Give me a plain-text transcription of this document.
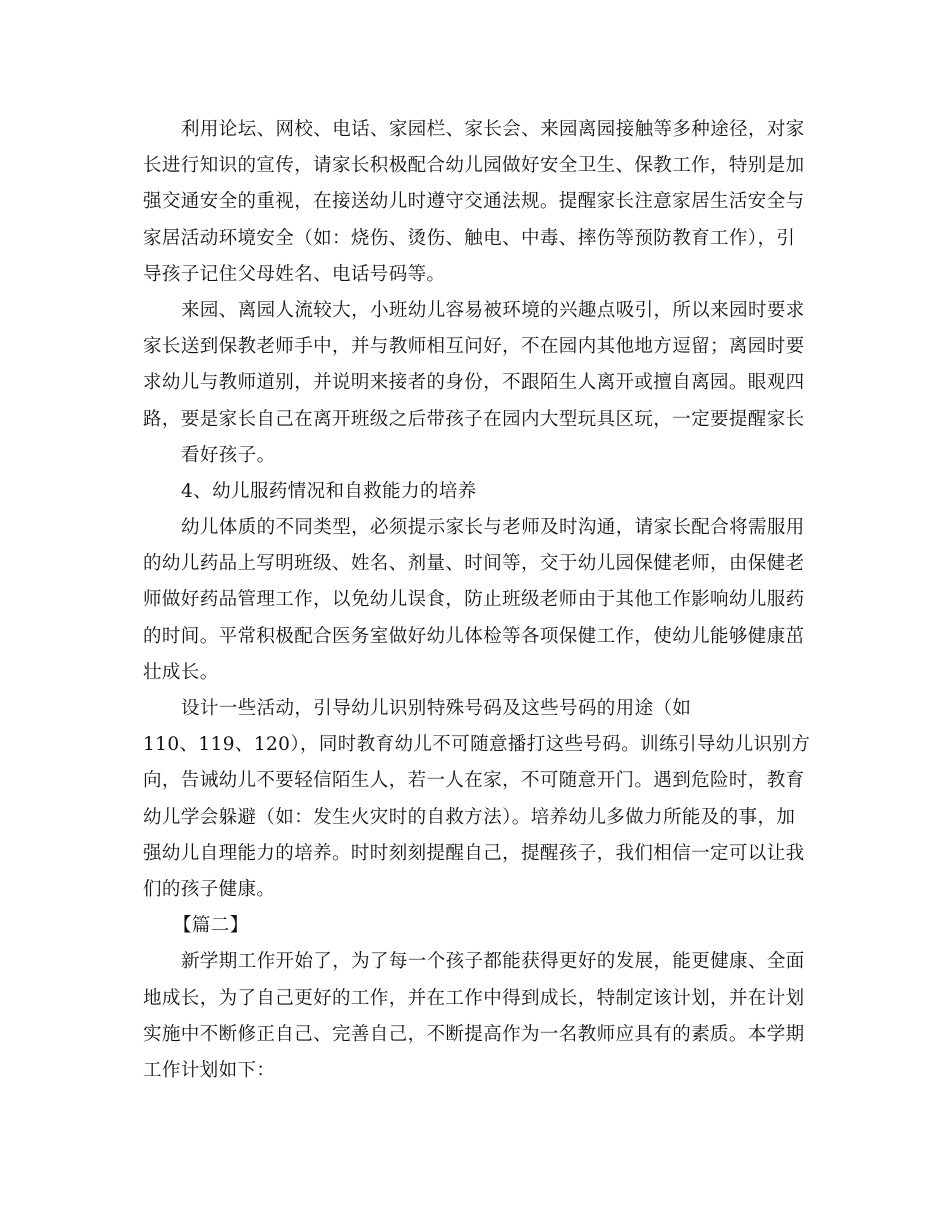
利用论坛、网校、电话、家园栏、家长会、来园离园接触等多种途径，对家
长进行知识的宣传，请家长积极配合幼儿园做好安全卫生、保教工作，特别是加
强交通安全的重视，在接送幼儿时遵守交通法规。提醒家长注意家居生活安全与
家居活动环境安全（如：烧伤、烫伤、触电、中毒、摔伤等预防教育工作），引
导孩子记住父母姓名、电话号码等。
来园、离园人流较大，小班幼儿容易被环境的兴趣点吸引，所以来园时要求
家长送到保教老师手中，并与教师相互问好，不在园内其他地方逗留；离园时要
求幼儿与教师道别，并说明来接者的身份，不跟陌生人离开或擅自离园。眼观四
路，要是家长自己在离开班级之后带孩子在园内大型玩具区玩，一定要提醒家长
看好孩子。
4、幼儿服药情况和自救能力的培养
幼儿体质的不同类型，必须提示家长与老师及时沟通，请家长配合将需服用
的幼儿药品上写明班级、姓名、剂量、时间等，交于幼儿园保健老师，由保健老
师做好药品管理工作，以免幼儿误食，防止班级老师由于其他工作影响幼儿服药
的时间。平常积极配合医务室做好幼儿体检等各项保健工作，使幼儿能够健康茁
壮成长。
设计一些活动，引导幼儿识别特殊号码及这些号码的用途（如
110、119、120），同时教育幼儿不可随意播打这些号码。训练引导幼儿识别方
向，告诫幼儿不要轻信陌生人，若一人在家，不可随意开门。遇到危险时，教育
幼儿学会躲避（如：发生火灾时的自救方法）。培养幼儿多做力所能及的事，加
强幼儿自理能力的培养。时时刻刻提醒自己，提醒孩子，我们相信一定可以让我
们的孩子健康。
【篇二】
新学期工作开始了，为了每一个孩子都能获得更好的发展，能更健康、全面
地成长，为了自己更好的工作，并在工作中得到成长，特制定该计划，并在计划
实施中不断修正自己、完善自己，不断提高作为一名教师应具有的素质。本学期
工作计划如下：
